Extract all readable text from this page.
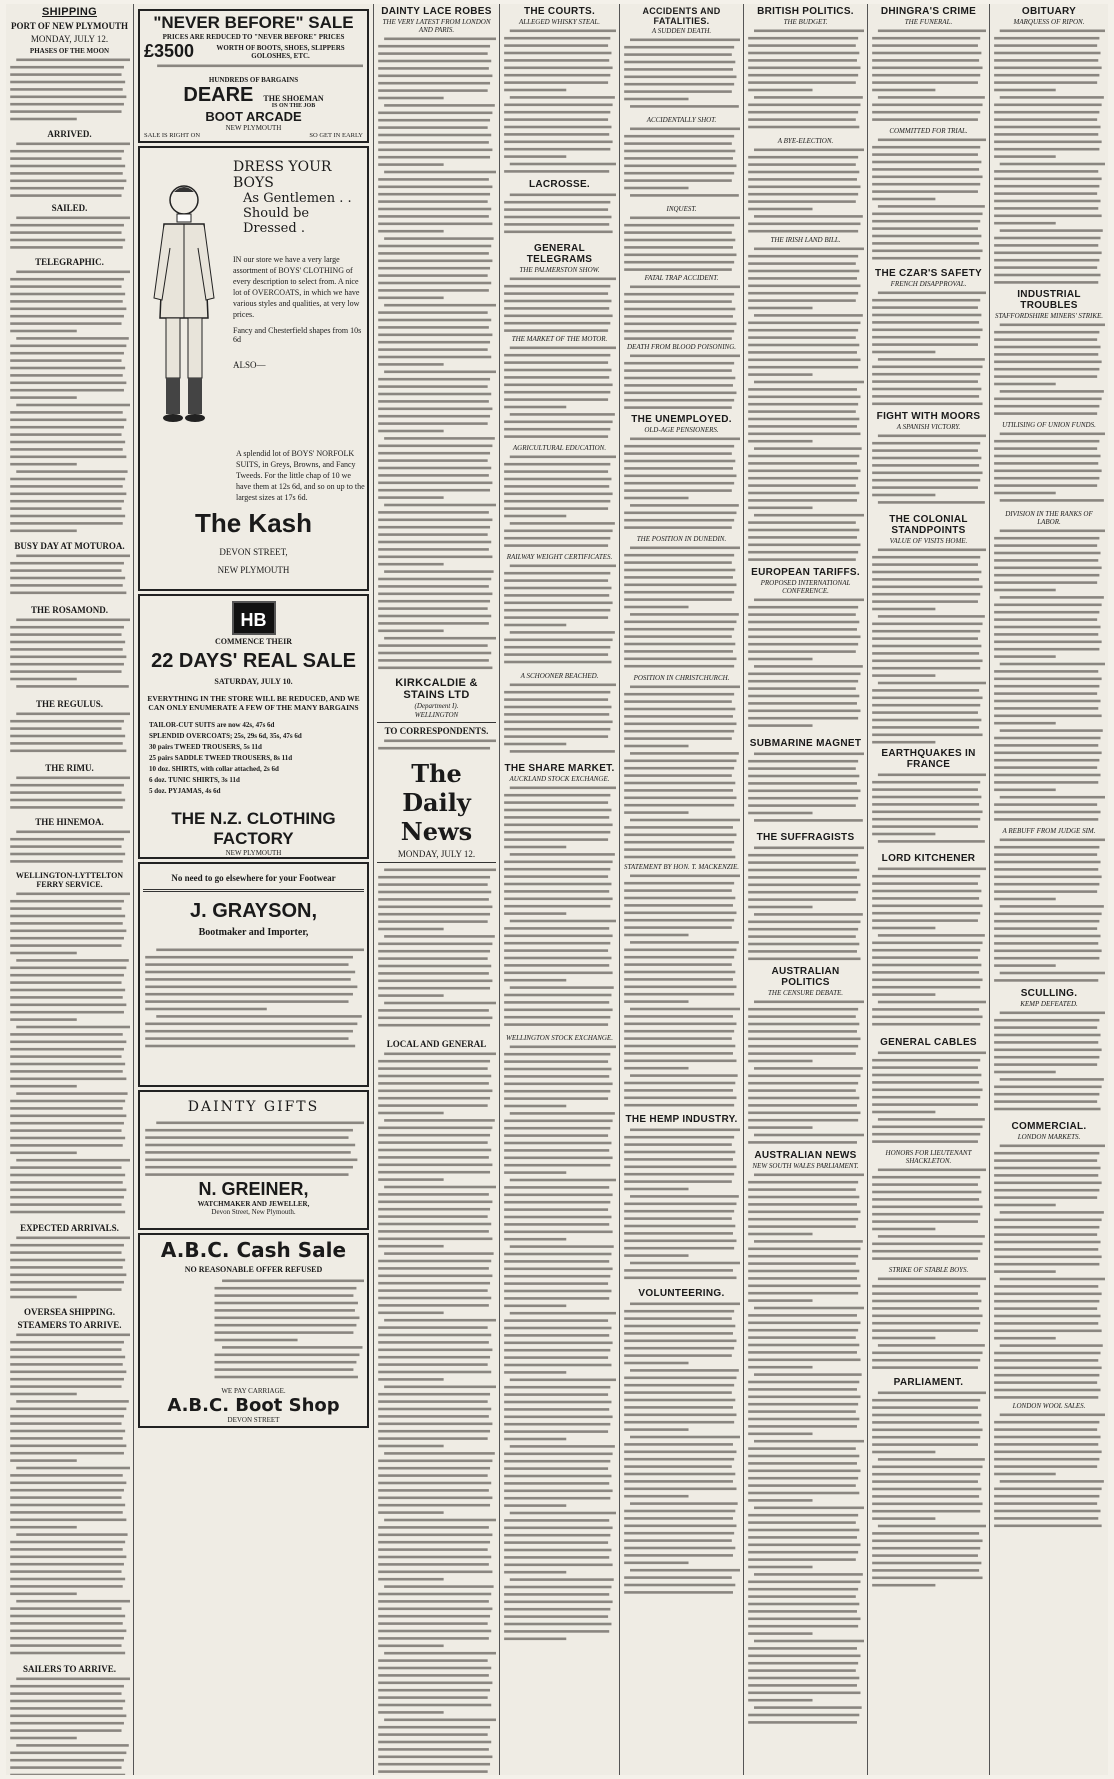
SHIPPING
PORT OF NEW PLYMOUTH
MONDAY, JULY 12.
PHASES OF THE MOON
ARRIVED.
SAILED.
TELEGRAPHIC.
BUSY DAY AT MOTUROA.
THE ROSAMOND.
THE REGULUS.
THE RIMU.
THE HINEMOA.
WELLINGTON-LYTTELTON FERRY SERVICE.
EXPECTED ARRIVALS.
OVERSEA SHIPPING.
STEAMERS TO ARRIVE.
SAILERS TO ARRIVE.
"NEVER BEFORE" SALE
PRICES ARE REDUCED TO "NEVER BEFORE" PRICES
£3500	WORTH OF BOOTS, SHOES, SLIPPERS GOLOSHES, ETC.
HUNDREDS OF BARGAINS
DEARE THE SHOEMAN
IS ON THE JOB
BOOT ARCADE
NEW PLYMOUTH
SALE IS RIGHT ON	SO GET IN EARLY
DRESS YOUR BOYS
As Gentlemen . .
Should be Dressed .
IN our store we have a very large assortment of BOYS' CLOTHING of every description to select from. A nice lot of OVERCOATS, in which we have various styles and qualities, at very low prices.
Fancy and Chesterfield shapes from 10s 6d
ALSO—
A splendid lot of BOYS' NORFOLK SUITS, in Greys, Browns, and Fancy Tweeds. For the little chap of 10 we have them at 12s 6d, and so on up to the largest sizes at 17s 6d.
The Kash
DEVON STREET,
NEW PLYMOUTH
HB
COMMENCE THEIR
22 DAYS' REAL SALE
SATURDAY, JULY 10.
EVERYTHING IN THE STORE WILL BE REDUCED, AND WE CAN ONLY ENUMERATE A FEW OF THE MANY BARGAINS
TAILOR-CUT SUITS are now 42s, 47s 6d
SPLENDID OVERCOATS; 25s, 29s 6d, 35s, 47s 6d
30 pairs TWEED TROUSERS, 5s 11d
25 pairs SADDLE TWEED TROUSERS, 8s 11d
10 doz. SHIRTS, with collar attached, 2s 6d
6 doz. TUNIC SHIRTS, 3s 11d
5 doz. PYJAMAS, 4s 6d
THE N.Z. CLOTHING FACTORY
NEW PLYMOUTH
No need to go elsewhere for your Footwear
J. GRAYSON,
Bootmaker and Importer,
DAINTY GIFTS
N. GREINER,
WATCHMAKER AND JEWELLER,
Devon Street, New Plymouth.
A.B.C. Cash Sale
NO REASONABLE OFFER REFUSED
WE PAY CARRIAGE.
A.B.C. Boot Shop
DEVON STREET
DAINTY LACE ROBES
THE VERY LATEST FROM LONDON AND PARIS.
KIRKCALDIE & STAINS LTD
(Department I).
WELLINGTON
TO CORRESPONDENTS.
The Daily News
MONDAY, JULY 12.
LOCAL AND GENERAL
THE COURTS.
ALLEGED WHISKY STEAL.
LACROSSE.
GENERAL TELEGRAMS
THE PALMERSTON SHOW.
THE MARKET OF THE MOTOR.
AGRICULTURAL EDUCATION.
RAILWAY WEIGHT CERTIFICATES.
A SCHOONER BEACHED.
THE SHARE MARKET.
AUCKLAND STOCK EXCHANGE.
WELLINGTON STOCK EXCHANGE.
ACCIDENTS AND FATALITIES.
A SUDDEN DEATH.
ACCIDENTALLY SHOT.
INQUEST.
FATAL TRAP ACCIDENT.
DEATH FROM BLOOD POISONING.
THE UNEMPLOYED.
OLD-AGE PENSIONERS.
THE POSITION IN DUNEDIN.
POSITION IN CHRISTCHURCH.
STATEMENT BY HON. T. MACKENZIE.
THE HEMP INDUSTRY.
VOLUNTEERING.
BRITISH POLITICS.
THE BUDGET.
A BYE-ELECTION.
THE IRISH LAND BILL.
EUROPEAN TARIFFS.
PROPOSED INTERNATIONAL CONFERENCE.
SUBMARINE MAGNET
THE SUFFRAGISTS
AUSTRALIAN POLITICS
THE CENSURE DEBATE.
AUSTRALIAN NEWS
NEW SOUTH WALES PARLIAMENT.
DHINGRA'S CRIME
THE FUNERAL.
COMMITTED FOR TRIAL.
THE CZAR'S SAFETY
FRENCH DISAPPROVAL.
FIGHT WITH MOORS
A SPANISH VICTORY.
THE COLONIAL STANDPOINTS
VALUE OF VISITS HOME.
EARTHQUAKES IN FRANCE
LORD KITCHENER
GENERAL CABLES
HONORS FOR LIEUTENANT SHACKLETON.
STRIKE OF STABLE BOYS.
PARLIAMENT.
OBITUARY
MARQUESS OF RIPON.
INDUSTRIAL TROUBLES
STAFFORDSHIRE MINERS' STRIKE.
UTILISING OF UNION FUNDS.
DIVISION IN THE RANKS OF LABOR.
A REBUFF FROM JUDGE SIM.
SCULLING.
KEMP DEFEATED.
COMMERCIAL.
LONDON MARKETS.
LONDON WOOL SALES.
